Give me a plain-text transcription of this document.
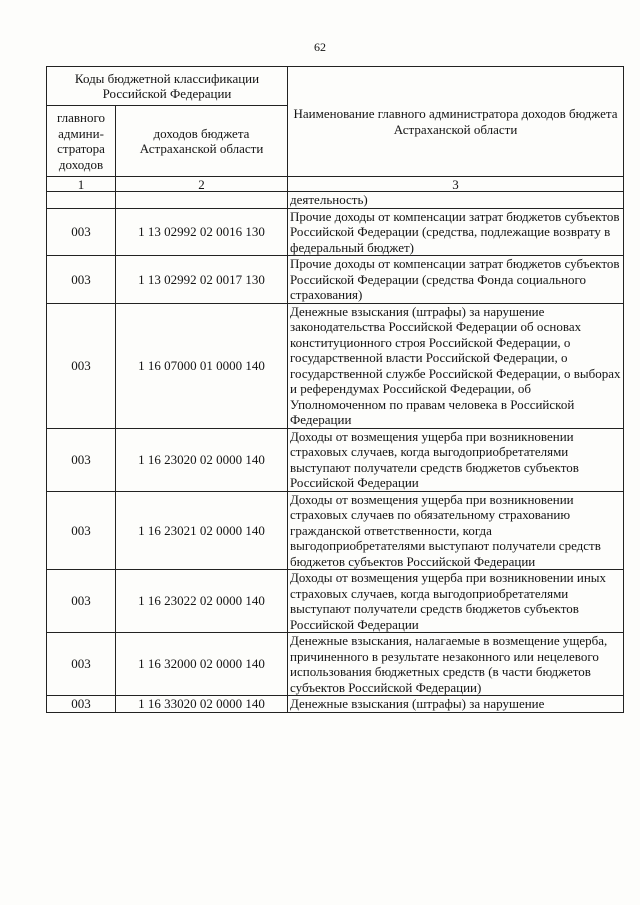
62
Коды бюджетной классификации Российской Федерации		Наименование главного администратора доходов бюджета Астраханской области
главного админи-стратора доходов	доходов бюджета Астраханской области	
1	2	3
		деятельность)
003	1 13 02992 02 0016 130	Прочие доходы от компенсации затрат бюджетов субъектов Российской Федерации (средства, подлежащие возврату в федеральный бюджет)
003	1 13 02992 02 0017 130	Прочие доходы от компенсации затрат бюджетов субъектов Российской Федерации (средства Фонда социального страхования)
003	1 16 07000 01 0000 140	Денежные взыскания (штрафы) за нарушение законодательства Российской Федерации об основах конституционного строя Российской Федерации, о государственной власти Российской Федерации, о государственной службе Российской Федерации, о выборах и референдумах Российской Федерации, об Уполномоченном по правам человека в Российской Федерации
003	1 16 23020 02 0000 140	Доходы от возмещения ущерба при возникновении страховых случаев, когда выгодоприобретателями выступают получатели средств бюджетов субъектов Российской Федерации
003	1 16 23021 02 0000 140	Доходы от возмещения ущерба при возникновении страховых случаев по обязательному страхованию гражданской ответственности, когда выгодоприобретателями выступают получатели средств бюджетов субъектов Российской Федерации
003	1 16 23022 02 0000 140	Доходы от возмещения ущерба при возникновении иных страховых случаев, когда выгодоприобретателями выступают получатели средств бюджетов субъектов Российской Федерации
003	1 16 32000 02 0000 140	Денежные взыскания, налагаемые в возмещение ущерба, причиненного в результате незаконного или нецелевого использования бюджетных средств (в части бюджетов субъектов Российской Федерации)
003	1 16 33020 02 0000 140	Денежные взыскания (штрафы) за нарушение
